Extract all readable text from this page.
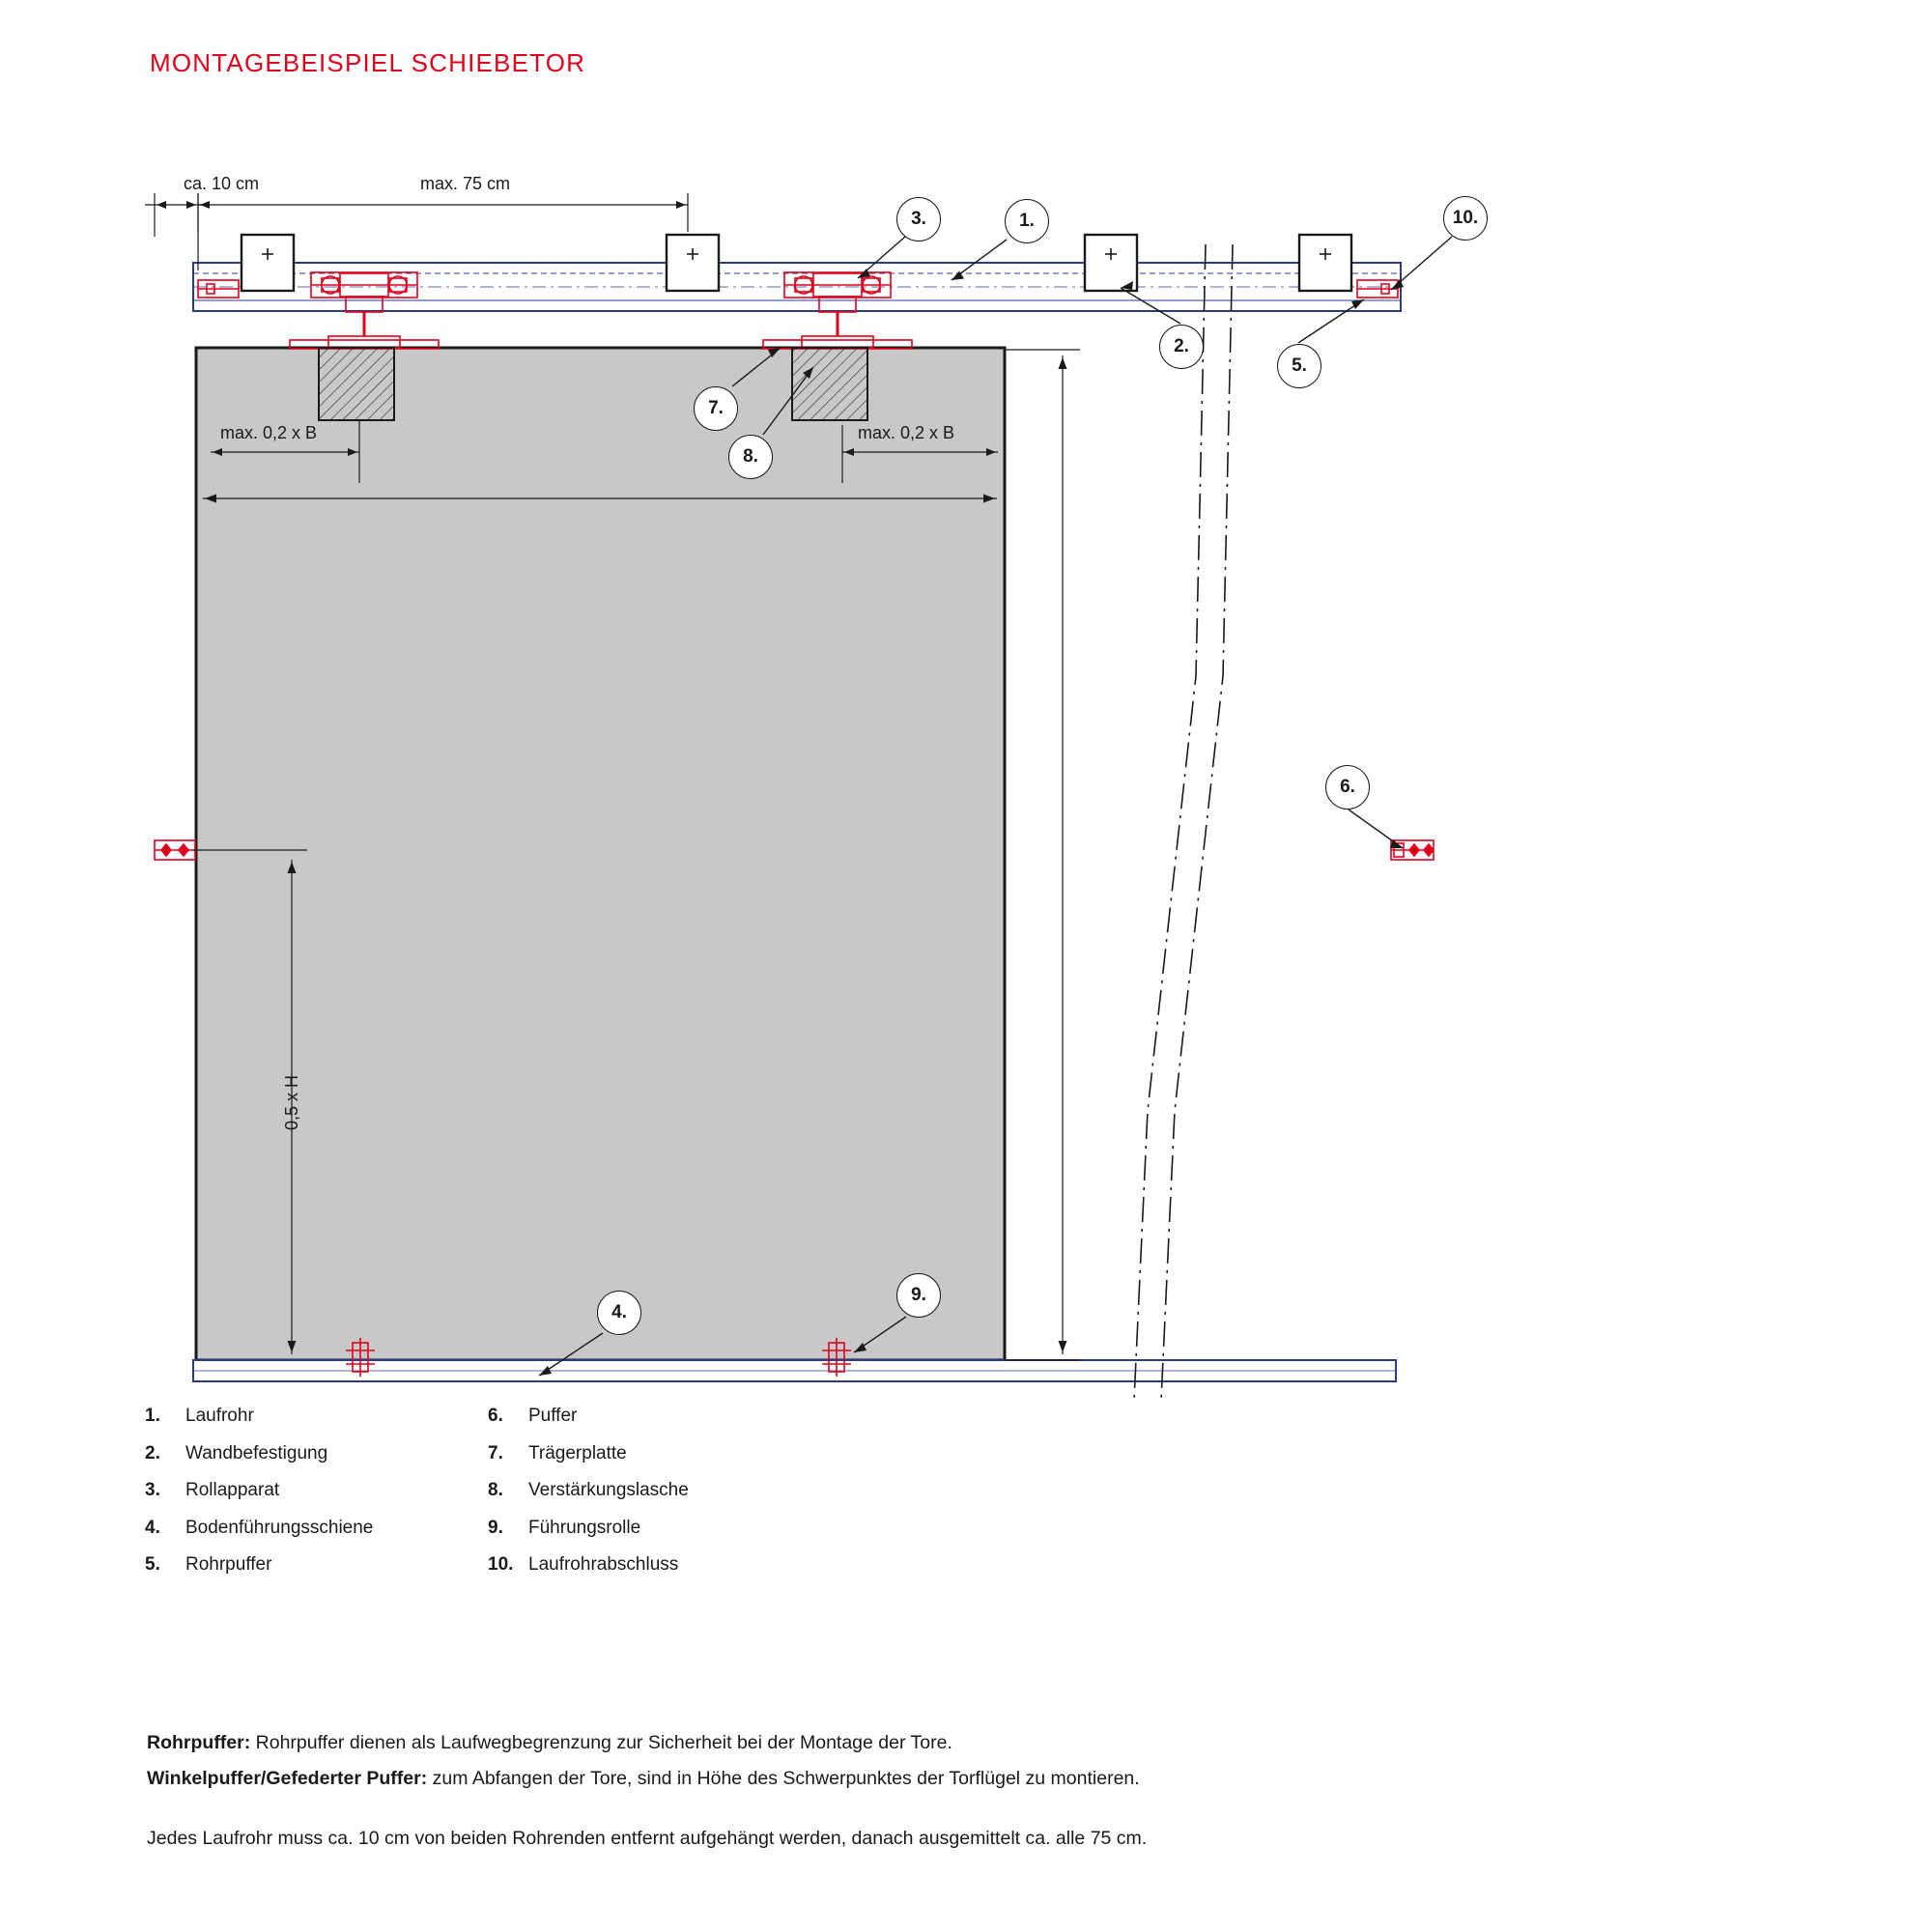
MONTAGEBEISPIEL SCHIEBETOR
ca. 10 cm	max. 75 cm
max. 0,2 x B	max. 0,2 x B
0,5 x H
1.
2.
3.
4.
5.
6.
7.
8.
9.
10.
1.	Laufrohr
2.	Wandbefestigung
3.	Rollapparat
4.	Bodenführungsschiene
5.	Rohrpuffer
6.	Puffer
7.	Trägerplatte
8.	Verstärkungslasche
9.	Führungsrolle
10. Laufrohrabschluss
Rohrpuffer: Rohrpuffer dienen als Laufwegbegrenzung zur Sicherheit bei der Montage der Tore.
Winkelpuffer/Gefederter Puffer: zum Abfangen der Tore, sind in Höhe des Schwerpunktes der Torflügel zu montieren.
Jedes Laufrohr muss ca. 10 cm von beiden Rohrenden entfernt aufgehängt werden, danach ausgemittelt ca. alle 75 cm.
